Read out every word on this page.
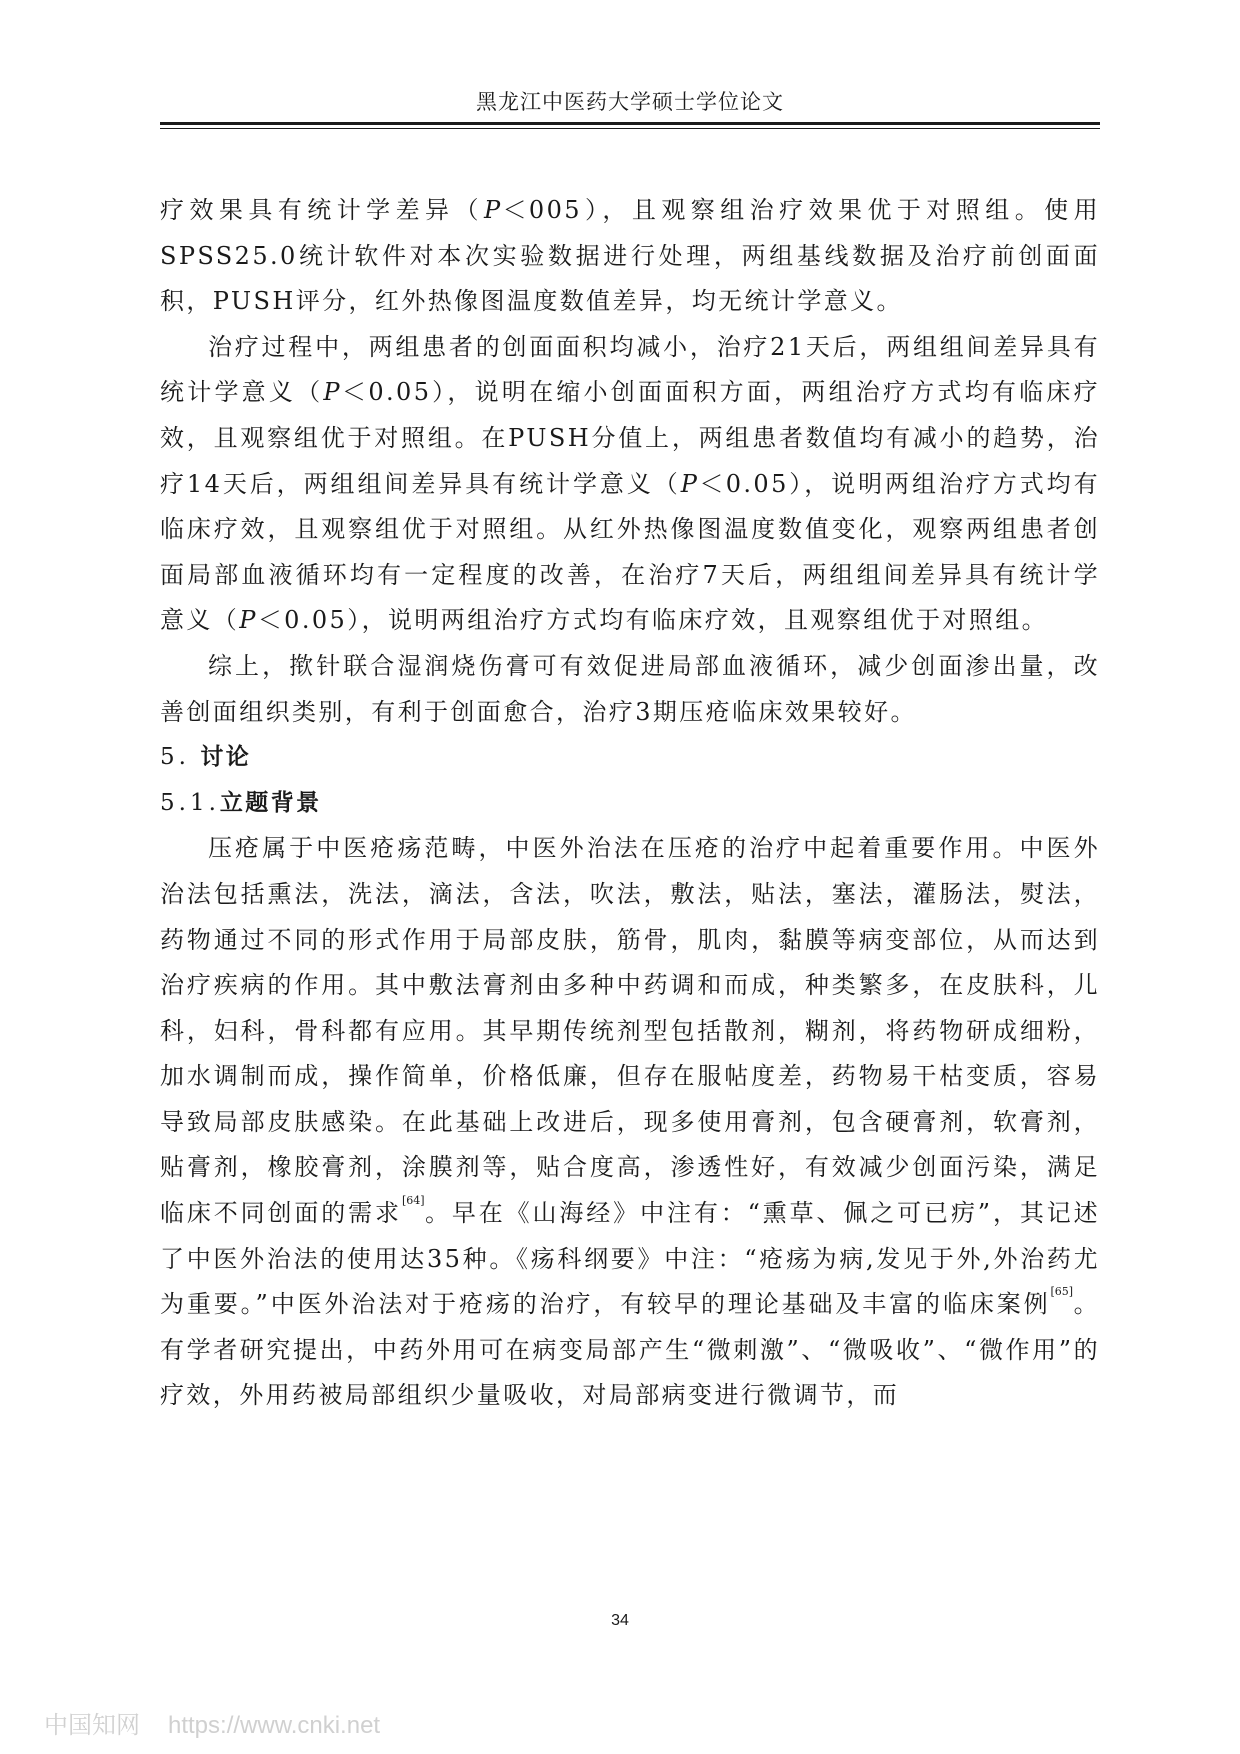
黑龙江中医药大学硕士学位论文

疗效果具有统计学差异（P＜005），且观察组治疗效果优于对照组。使用SPSS25.0统计软件对本次实验数据进行处理，两组基线数据及治疗前创面面积，PUSH评分，红外热像图温度数值差异，均无统计学意义。

治疗过程中，两组患者的创面面积均减小，治疗21天后，两组组间差异具有统计学意义（P＜0.05），说明在缩小创面面积方面，两组治疗方式均有临床疗效，且观察组优于对照组。在PUSH分值上，两组患者数值均有减小的趋势，治疗14天后，两组组间差异具有统计学意义（P＜0.05），说明两组治疗方式均有临床疗效，且观察组优于对照组。从红外热像图温度数值变化，观察两组患者创面局部血液循环均有一定程度的改善，在治疗7天后，两组组间差异具有统计学意义（P＜0.05），说明两组治疗方式均有临床疗效，且观察组优于对照组。

综上，揿针联合湿润烧伤膏可有效促进局部血液循环，减少创面渗出量，改善创面组织类别，有利于创面愈合，治疗3期压疮临床效果较好。

5. 讨论

5.1.立题背景

压疮属于中医疮疡范畴，中医外治法在压疮的治疗中起着重要作用。中医外治法包括熏法，洗法，滴法，含法，吹法，敷法，贴法，塞法，灌肠法，熨法，药物通过不同的形式作用于局部皮肤，筋骨，肌肉，黏膜等病变部位，从而达到治疗疾病的作用。其中敷法膏剂由多种中药调和而成，种类繁多，在皮肤科，儿科，妇科，骨科都有应用。其早期传统剂型包括散剂，糊剂，将药物研成细粉，加水调制而成，操作简单，价格低廉，但存在服帖度差，药物易干枯变质，容易导致局部皮肤感染。在此基础上改进后，现多使用膏剂，包含硬膏剂，软膏剂，贴膏剂，橡胶膏剂，涂膜剂等，贴合度高，渗透性好，有效减少创面污染，满足临床不同创面的需求[64]。早在《山海经》中注有：“熏草、佩之可已疠”，其记述了中医外治法的使用达35种。《疡科纲要》中注：“疮疡为病,发见于外,外治药尤为重要。”中医外治法对于疮疡的治疗，有较早的理论基础及丰富的临床案例[65]。有学者研究提出，中药外用可在病变局部产生“微刺激”、“微吸收”、“微作用”的疗效，外用药被局部组织少量吸收，对局部病变进行微调节，而

34
中国知网 https://www.cnki.net
